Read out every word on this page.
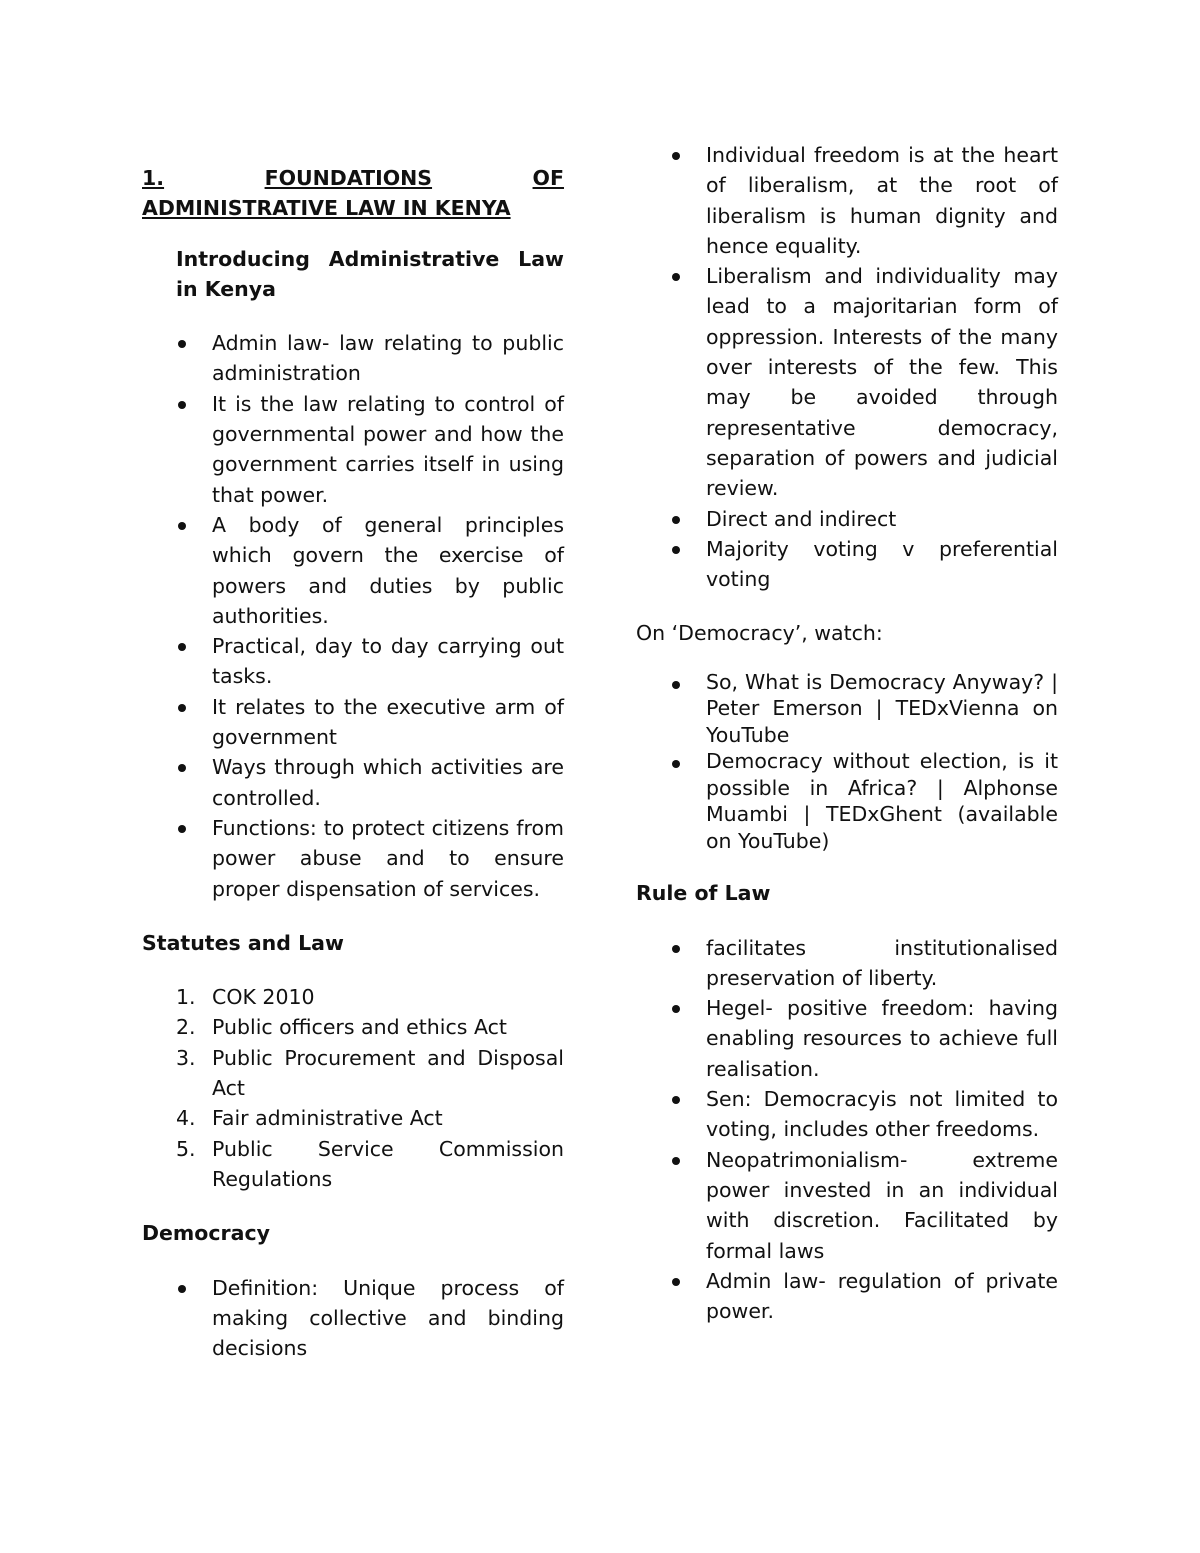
1.	FOUNDATIONS	OF
ADMINISTRATIVE LAW IN KENYA

Introducing Administrative Law in Kenya

Admin law- law relating to public administration
It is the law relating to control of governmental power and how the government carries itself in using that power.
A body of general principles which govern the exercise of powers and duties by public authorities.
Practical, day to day carrying out tasks.
It relates to the executive arm of government
Ways through which activities are controlled.
Functions: to protect citizens from power abuse and to ensure proper dispensation of services.

Statutes and Law

1. COK 2010
2. Public officers and ethics Act
3. Public Procurement and Disposal Act
4. Fair administrative Act
5. Public Service Commission Regulations

Democracy

Definition: Unique process of making collective and binding decisions
Individual freedom is at the heart of liberalism, at the root of liberalism is human dignity and hence equality.
Liberalism and individuality may lead to a majoritarian form of oppression. Interests of the many over interests of the few. This may be avoided through representative democracy, separation of powers and judicial review.
Direct and indirect
Majority voting v preferential voting

On ‘Democracy’, watch:

So, What is Democracy Anyway? | Peter Emerson | TEDxVienna on YouTube
Democracy without election, is it possible in Africa? | Alphonse Muambi | TEDxGhent (available on YouTube)

Rule of Law

facilitates institutionalised preservation of liberty.
Hegel- positive freedom: having enabling resources to achieve full realisation.
Sen: Democracyis not limited to voting, includes other freedoms.
Neopatrimonialism- extreme power invested in an individual with discretion. Facilitated by formal laws
Admin law- regulation of private power.
